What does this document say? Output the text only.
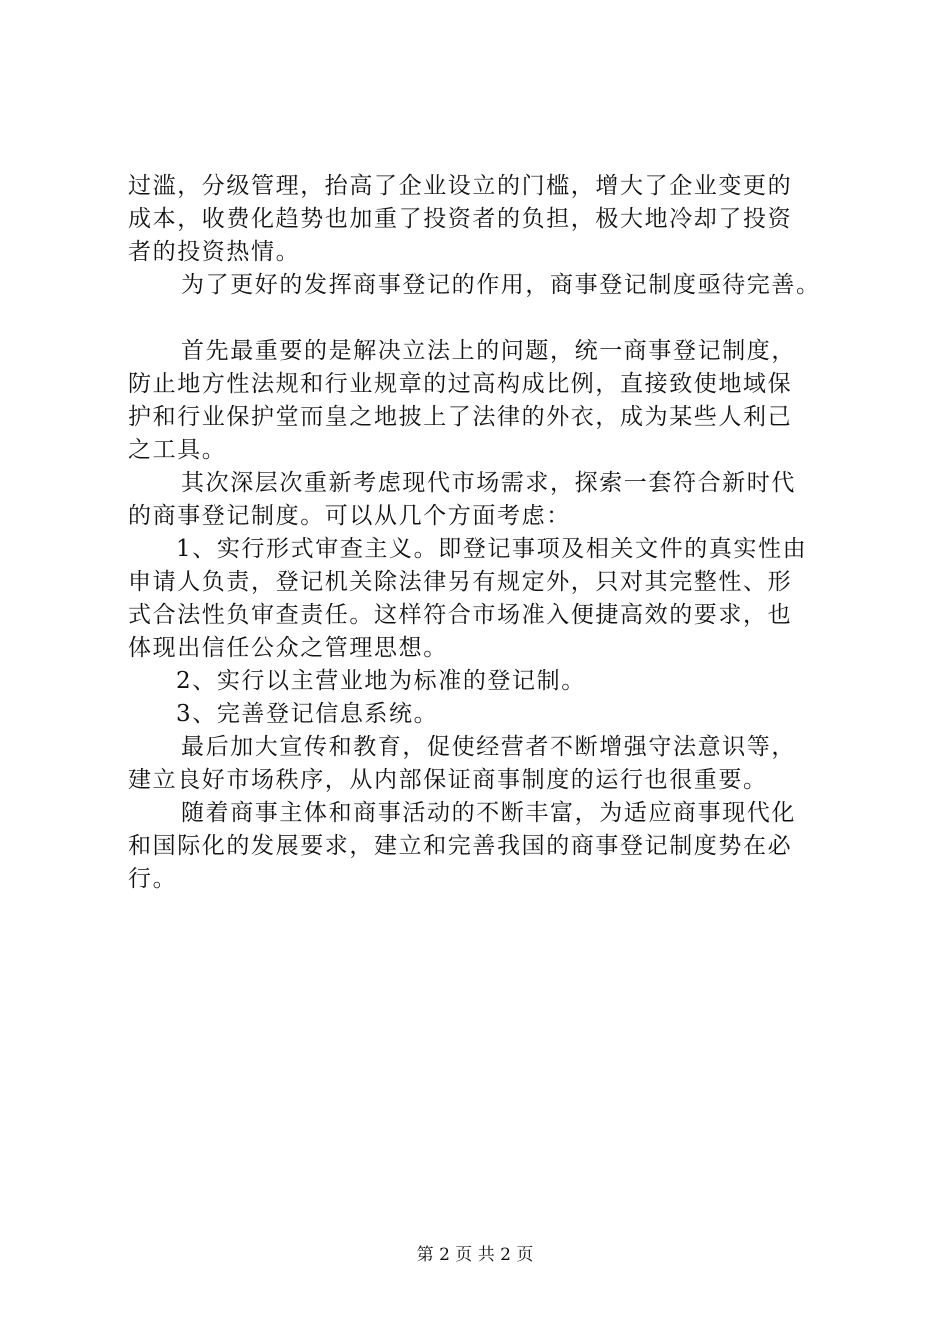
过滥，分级管理，抬高了企业设立的门槛，增大了企业变更的
成本，收费化趋势也加重了投资者的负担，极大地冷却了投资
者的投资热情。
为了更好的发挥商事登记的作用，商事登记制度亟待完善。
首先最重要的是解决立法上的问题，统一商事登记制度，
防止地方性法规和行业规章的过高构成比例，直接致使地域保
护和行业保护堂而皇之地披上了法律的外衣，成为某些人利己
之工具。
其次深层次重新考虑现代市场需求，探索一套符合新时代
的商事登记制度。可以从几个方面考虑：
1、实行形式审查主义。即登记事项及相关文件的真实性由
申请人负责，登记机关除法律另有规定外，只对其完整性、形
式合法性负审查责任。这样符合市场准入便捷高效的要求，也
体现出信任公众之管理思想。
2、实行以主营业地为标准的登记制。
3、完善登记信息系统。
最后加大宣传和教育，促使经营者不断增强守法意识等，
建立良好市场秩序，从内部保证商事制度的运行也很重要。
随着商事主体和商事活动的不断丰富，为适应商事现代化
和国际化的发展要求，建立和完善我国的商事登记制度势在必
行。
第 2 页 共 2 页
